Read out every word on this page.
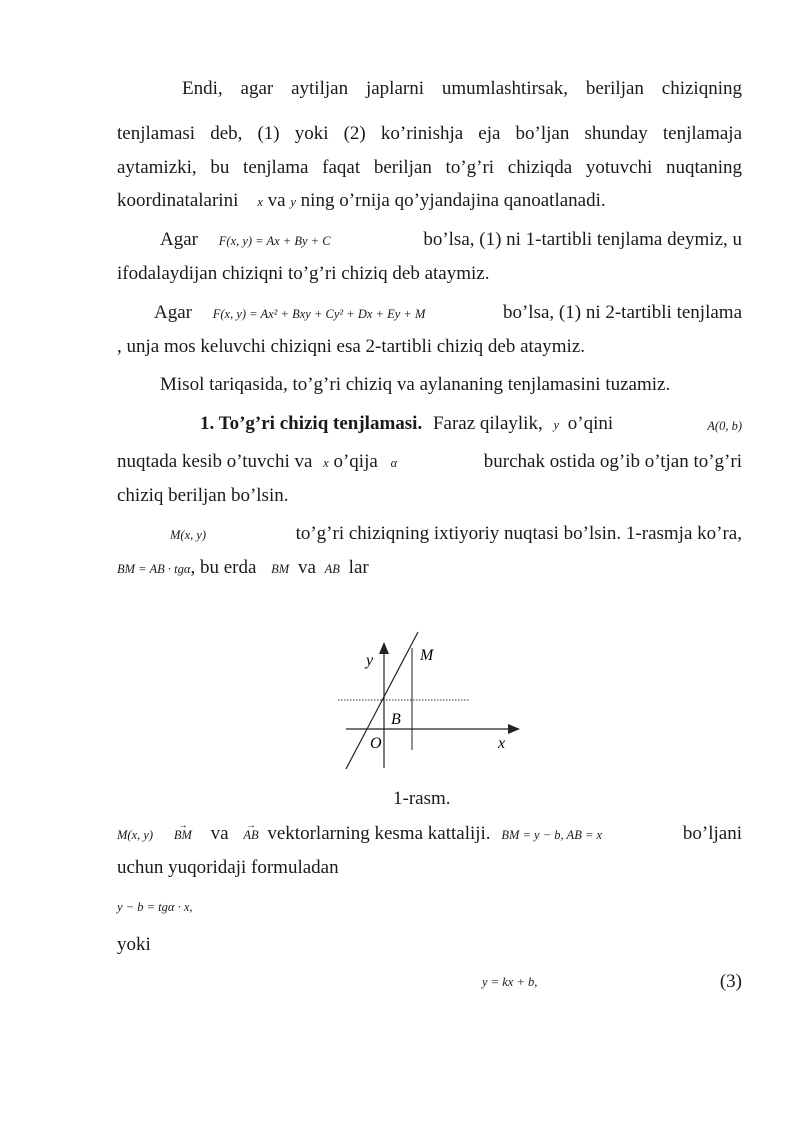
Endi, agar aytiljan japlarni umumlashtirsak, beriljan chiziqning
tenjlamasi deb, (1) yoki (2) ko’rinishja eja bo’ljan shunday tenjlamaja
aytamizki, bu tenjlama faqat beriljan to’g’ri chiziqda yotuvchi nuqtaning
koordinatalarini x va y ning o’rnija qo’yjandajina qanoatlanadi.
Agar F(x, y) = Ax + By + C	bo’lsa, (1) ni 1-tartibli tenjlama deymiz, u
ifodalaydijan chiziqni to’g’ri chiziq deb ataymiz.
Agar F(x, y) = Ax² + Bxy + Cy² + Dx + Ey + M	bo’lsa, (1) ni 2-tartibli tenjlama
, unja mos keluvchi chiziqni esa 2-tartibli chiziq deb ataymiz.
Misol tariqasida, to’g’ri chiziq va aylananing tenjlamasini tuzamiz.
1. To’g’ri chiziq tenjlamasi. Faraz qilaylik, y o’qini	A(0, b)
nuqtada kesib o’tuvchi va x o’qija α	burchak ostida og’ib o’tjan to’g’ri
chiziq beriljan bo’lsin.
M(x, y)	to’g’ri chiziqning ixtiyoriy nuqtasi bo’lsin. 1-rasmja ko’ra,
BM = AB · tgα, bu erda BM va AB lar
y	M
B
O	x
1-rasm.
M(x, y)
→
BM va →
AB vektorlarning kesma kattaliji. BM = y − b, AB = x	bo’ljani
uchun yuqoridaji formuladan
y − b = tgα · x,
yoki
y = kx + b,	(3)
